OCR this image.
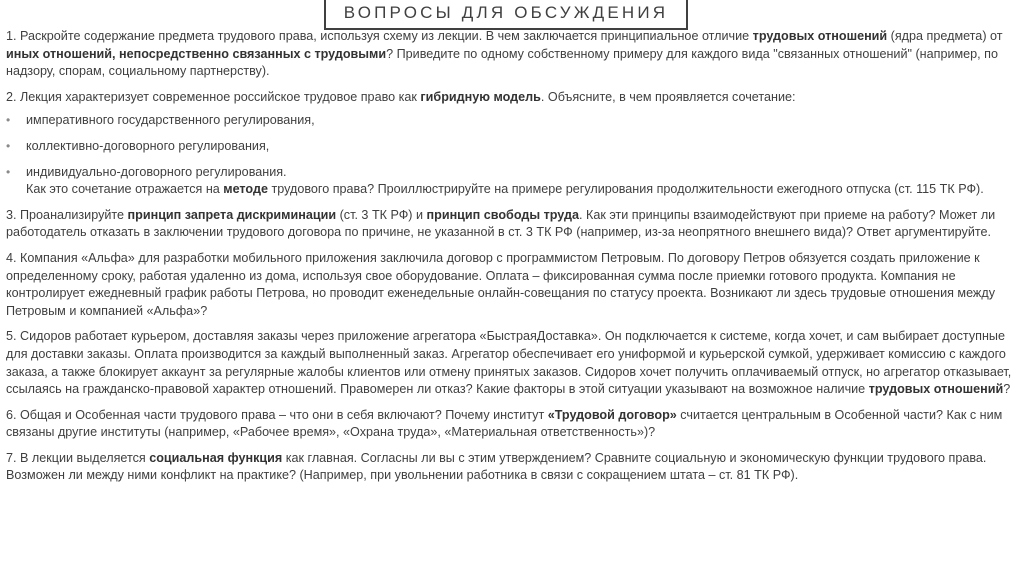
ВОПРОСЫ ДЛЯ ОБСУЖДЕНИЯ

1. Раскройте содержание предмета трудового права, используя схему из лекции. В чем заключается принципиальное отличие трудовых отношений (ядра предмета) от иных отношений, непосредственно связанных с трудовыми? Приведите по одному собственному примеру для каждого вида "связанных отношений" (например, по надзору, спорам, социальному партнерству).

2. Лекция характеризует современное российское трудовое право как гибридную модель. Объясните, в чем проявляется сочетание:

• императивного государственного регулирования,
• коллективно-договорного регулирования,
• индивидуально-договорного регулирования.
Как это сочетание отражается на методе трудового права? Проиллюстрируйте на примере регулирования продолжительности ежегодного отпуска (ст. 115 ТК РФ).

3. Проанализируйте принцип запрета дискриминации (ст. 3 ТК РФ) и принцип свободы труда. Как эти принципы взаимодействуют при приеме на работу? Может ли работодатель отказать в заключении трудового договора по причине, не указанной в ст. 3 ТК РФ (например, из-за неопрятного внешнего вида)? Ответ аргументируйте.

4. Компания «Альфа» для разработки мобильного приложения заключила договор с программистом Петровым. По договору Петров обязуется создать приложение к определенному сроку, работая удаленно из дома, используя свое оборудование. Оплата – фиксированная сумма после приемки готового продукта. Компания не контролирует ежедневный график работы Петрова, но проводит еженедельные онлайн-совещания по статусу проекта. Возникают ли здесь трудовые отношения между Петровым и компанией «Альфа»?

5. Сидоров работает курьером, доставляя заказы через приложение агрегатора «БыстраяДоставка». Он подключается к системе, когда хочет, и сам выбирает доступные для доставки заказы. Оплата производится за каждый выполненный заказ. Агрегатор обеспечивает его униформой и курьерской сумкой, удерживает комиссию с каждого заказа, а также блокирует аккаунт за регулярные жалобы клиентов или отмену принятых заказов. Сидоров хочет получить оплачиваемый отпуск, но агрегатор отказывает, ссылаясь на гражданско-правовой характер отношений. Правомерен ли отказ? Какие факторы в этой ситуации указывают на возможное наличие трудовых отношений?

6. Общая и Особенная части трудового права – что они в себя включают? Почему институт «Трудовой договор» считается центральным в Особенной части? Как с ним связаны другие институты (например, «Рабочее время», «Охрана труда», «Материальная ответственность»)?

7. В лекции выделяется социальная функция как главная. Согласны ли вы с этим утверждением? Сравните социальную и экономическую функции трудового права. Возможен ли между ними конфликт на практике? (Например, при увольнении работника в связи с сокращением штата – ст. 81 ТК РФ).
